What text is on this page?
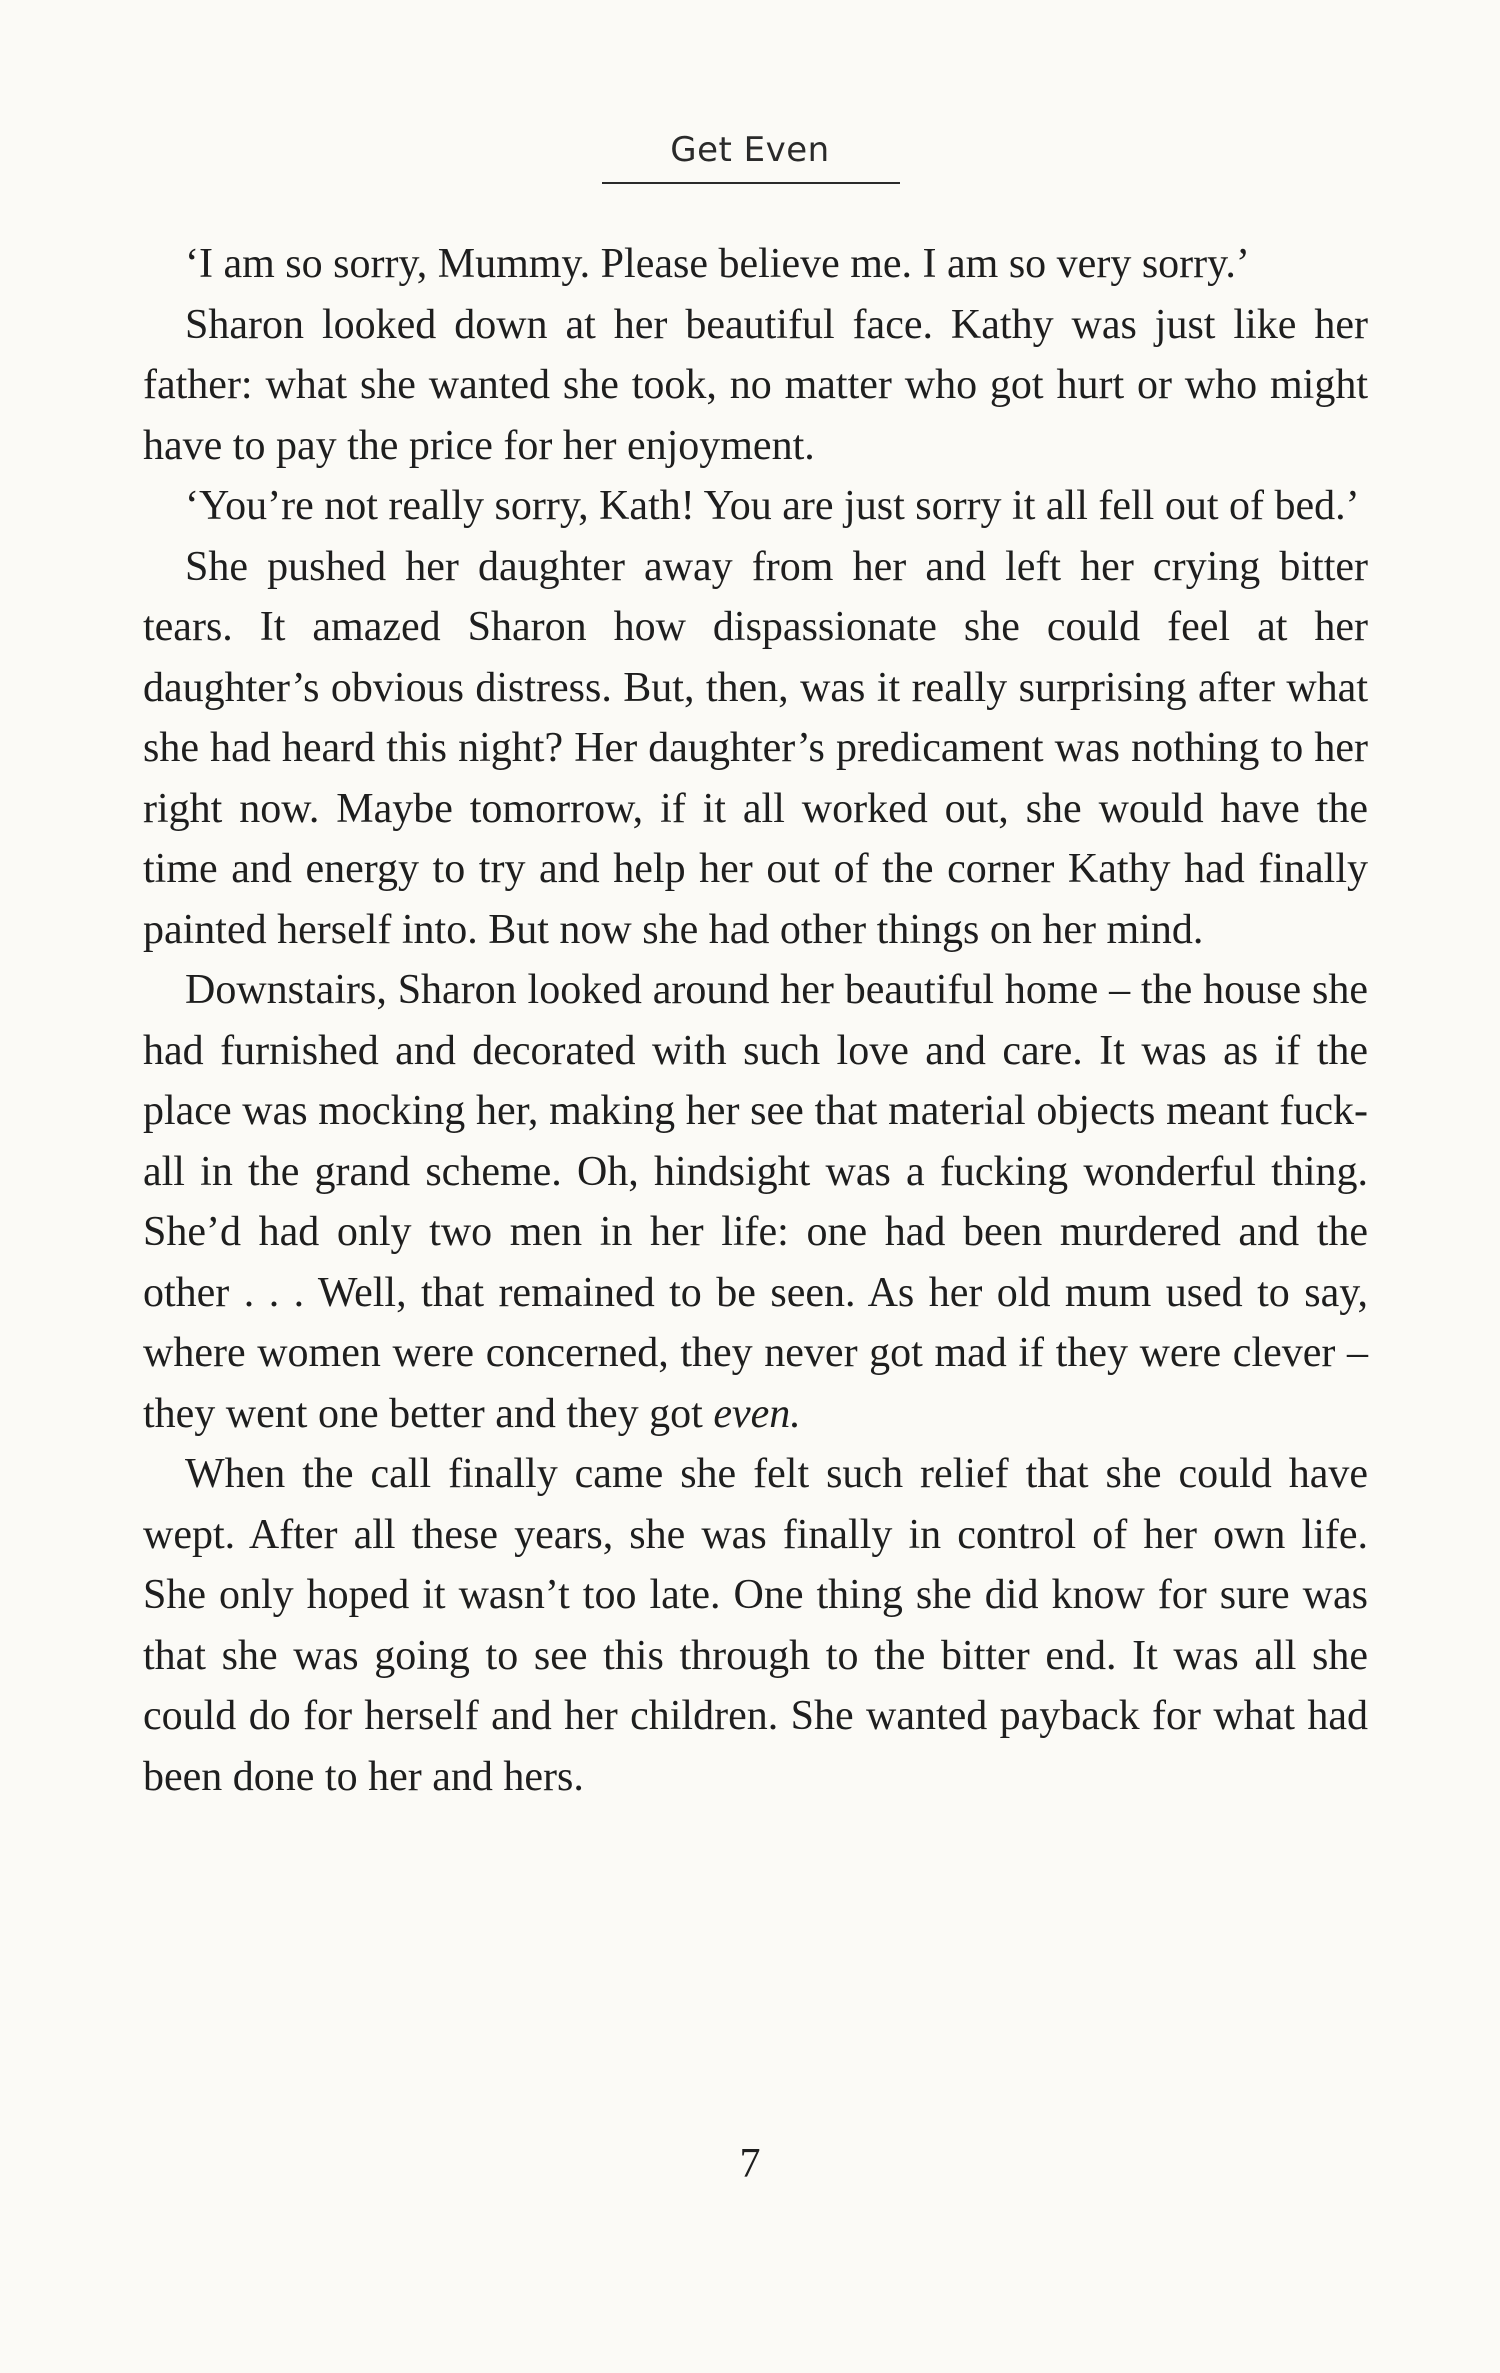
Get Even

‘I am so sorry, Mummy. Please believe me. I am so very sorry.’

Sharon looked down at her beautiful face. Kathy was just like her father: what she wanted she took, no matter who got hurt or who might have to pay the price for her enjoyment.

‘You’re not really sorry, Kath! You are just sorry it all fell out of bed.’

She pushed her daughter away from her and left her crying bitter tears. It amazed Sharon how dispassionate she could feel at her daughter’s obvious distress. But, then, was it really surprising after what she had heard this night? Her daughter’s predicament was nothing to her right now. Maybe tomorrow, if it all worked out, she would have the time and energy to try and help her out of the corner Kathy had finally painted herself into. But now she had other things on her mind.

Downstairs, Sharon looked around her beautiful home – the house she had furnished and decorated with such love and care. It was as if the place was mocking her, making her see that material objects meant fuck-all in the grand scheme. Oh, hindsight was a fucking wonderful thing. She’d had only two men in her life: one had been murdered and the other . . . Well, that remained to be seen. As her old mum used to say, where women were concerned, they never got mad if they were clever – they went one better and they got even.

When the call finally came she felt such relief that she could have wept. After all these years, she was finally in control of her own life. She only hoped it wasn’t too late. One thing she did know for sure was that she was going to see this through to the bitter end. It was all she could do for herself and her children. She wanted payback for what had been done to her and hers.

7
